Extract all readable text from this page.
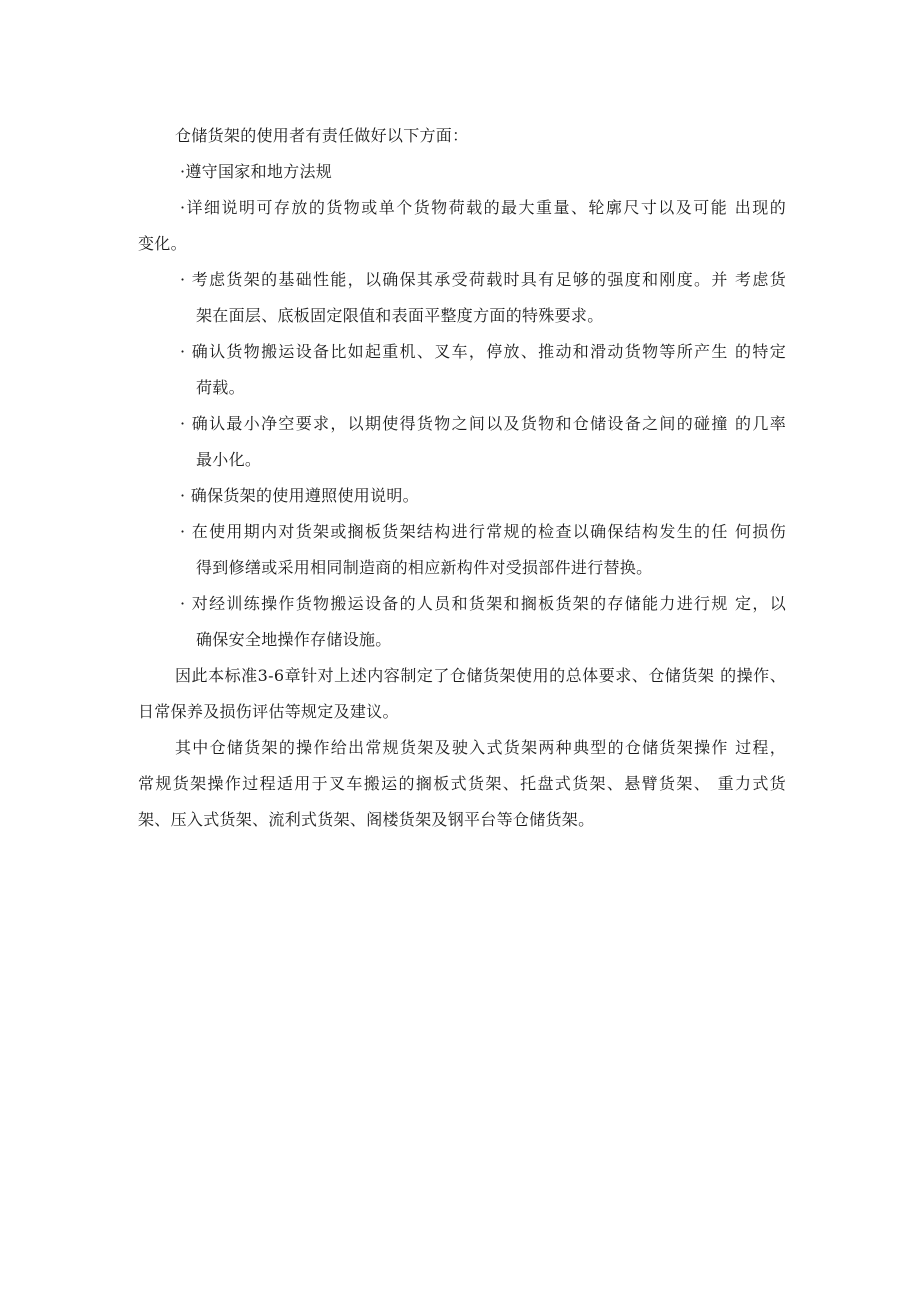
仓储货架的使用者有责任做好以下方面：
·遵守国家和地方法规
·详细说明可存放的货物或单个货物荷载的最大重量、轮廓尺寸以及可能 出现的
变化。
· 考虑货架的基础性能，以确保其承受荷载时具有足够的强度和刚度。并 考虑货
架在面层、底板固定限值和表面平整度方面的特殊要求。
· 确认货物搬运设备比如起重机、叉车，停放、推动和滑动货物等所产生 的特定
荷载。
· 确认最小净空要求，以期使得货物之间以及货物和仓储设备之间的碰撞 的几率
最小化。
· 确保货架的使用遵照使用说明。
· 在使用期内对货架或搁板货架结构进行常规的检查以确保结构发生的任 何损伤
得到修缮或采用相同制造商的相应新构件对受损部件进行替换。
· 对经训练操作货物搬运设备的人员和货架和搁板货架的存储能力进行规 定，以
确保安全地操作存储设施。
因此本标准3-6章针对上述内容制定了仓储货架使用的总体要求、仓储货架 的操作、
日常保养及损伤评估等规定及建议。
其中仓储货架的操作给出常规货架及驶入式货架两种典型的仓储货架操作 过程，
常规货架操作过程适用于叉车搬运的搁板式货架、托盘式货架、悬臂货架、 重力式货
架、压入式货架、流利式货架、阁楼货架及钢平台等仓储货架。
